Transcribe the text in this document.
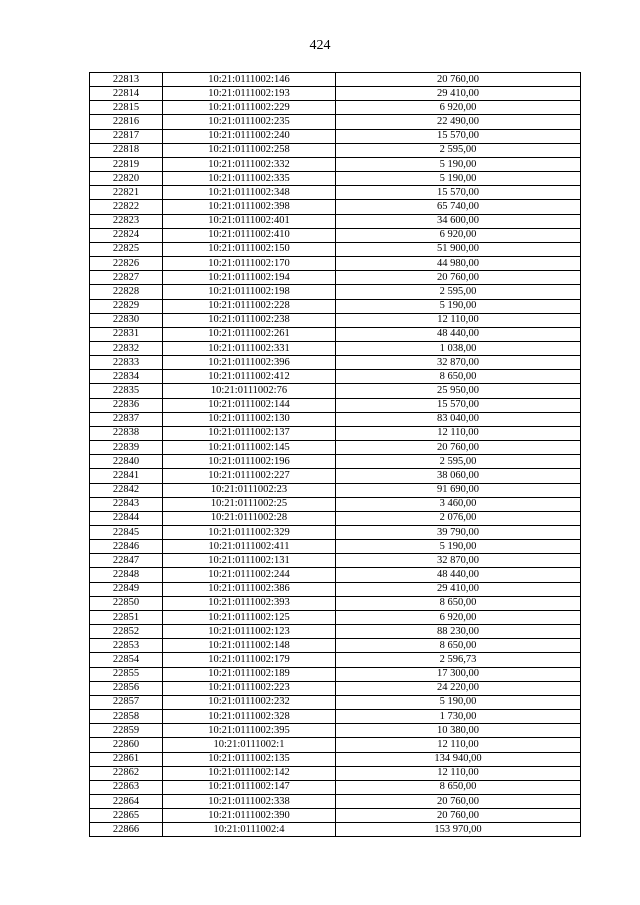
424
22813	10:21:0111002:146	20 760,00
22814	10:21:0111002:193	29 410,00
22815	10:21:0111002:229	6 920,00
22816	10:21:0111002:235	22 490,00
22817	10:21:0111002:240	15 570,00
22818	10:21:0111002:258	2 595,00
22819	10:21:0111002:332	5 190,00
22820	10:21:0111002:335	5 190,00
22821	10:21:0111002:348	15 570,00
22822	10:21:0111002:398	65 740,00
22823	10:21:0111002:401	34 600,00
22824	10:21:0111002:410	6 920,00
22825	10:21:0111002:150	51 900,00
22826	10:21:0111002:170	44 980,00
22827	10:21:0111002:194	20 760,00
22828	10:21:0111002:198	2 595,00
22829	10:21:0111002:228	5 190,00
22830	10:21:0111002:238	12 110,00
22831	10:21:0111002:261	48 440,00
22832	10:21:0111002:331	1 038,00
22833	10:21:0111002:396	32 870,00
22834	10:21:0111002:412	8 650,00
22835	10:21:0111002:76	25 950,00
22836	10:21:0111002:144	15 570,00
22837	10:21:0111002:130	83 040,00
22838	10:21:0111002:137	12 110,00
22839	10:21:0111002:145	20 760,00
22840	10:21:0111002:196	2 595,00
22841	10:21:0111002:227	38 060,00
22842	10:21:0111002:23	91 690,00
22843	10:21:0111002:25	3 460,00
22844	10:21:0111002:28	2 076,00
22845	10:21:0111002:329	39 790,00
22846	10:21:0111002:411	5 190,00
22847	10:21:0111002:131	32 870,00
22848	10:21:0111002:244	48 440,00
22849	10:21:0111002:386	29 410,00
22850	10:21:0111002:393	8 650,00
22851	10:21:0111002:125	6 920,00
22852	10:21:0111002:123	88 230,00
22853	10:21:0111002:148	8 650,00
22854	10:21:0111002:179	2 596,73
22855	10:21:0111002:189	17 300,00
22856	10:21:0111002:223	24 220,00
22857	10:21:0111002:232	5 190,00
22858	10:21:0111002:328	1 730,00
22859	10:21:0111002:395	10 380,00
22860	10:21:0111002:1	12 110,00
22861	10:21:0111002:135	134 940,00
22862	10:21:0111002:142	12 110,00
22863	10:21:0111002:147	8 650,00
22864	10:21:0111002:338	20 760,00
22865	10:21:0111002:390	20 760,00
22866	10:21:0111002:4	153 970,00
